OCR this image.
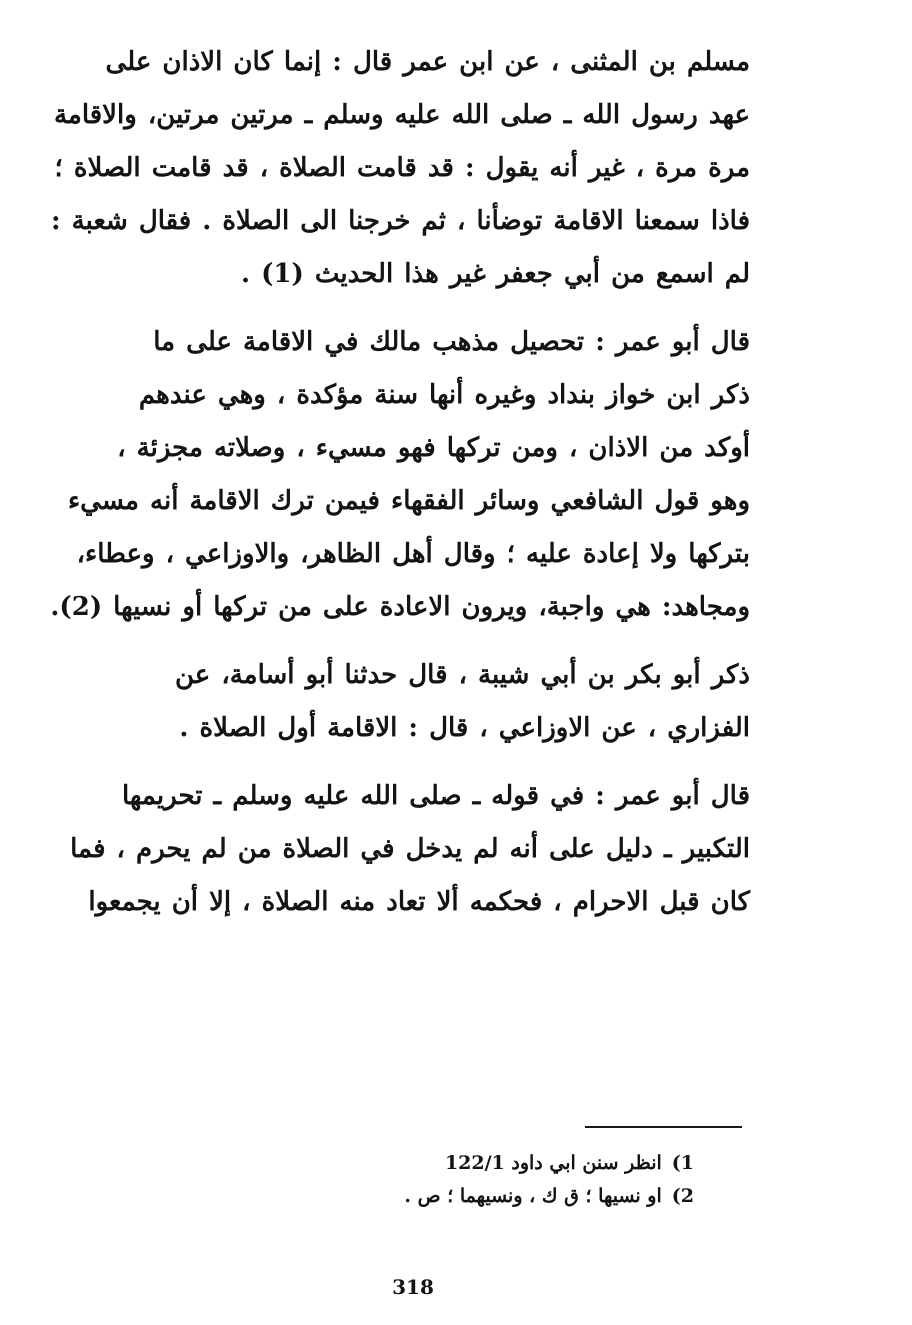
مسلم بن المثنى ، عن ابن عمر قال : إنما كان الاذان على
عهد رسول الله ـ صلى الله عليه وسلم ـ مرتين مرتين، والاقامة
مرة مرة ، غير أنه يقول : قد قامت الصلاة ، قد قامت الصلاة ؛
فاذا سمعنا الاقامة توضأنا ، ثم خرجنا الى الصلاة . فقال شعبة :
لم اسمع من أبي جعفر غير هذا الحديث (1) .

قال أبو عمر : تحصيل مذهب مالك في الاقامة على ما
ذكر ابن خواز بنداد وغيره أنها سنة مؤكدة ، وهي عندهم
أوكد من الاذان ، ومن تركها فهو مسيء ، وصلاته مجزئة ،
وهو قول الشافعي وسائر الفقهاء فيمن ترك الاقامة أنه مسيء
بتركها ولا إعادة عليه ؛ وقال أهل الظاهر، والاوزاعي ، وعطاء،
ومجاهد: هي واجبة، ويرون الاعادة على من تركها أو نسيها (2).

ذكر أبو بكر بن أبي شيبة ، قال حدثنا أبو أسامة، عن
الفزاري ، عن الاوزاعي ، قال : الاقامة أول الصلاة .

قال أبو عمر : في قوله ـ صلى الله عليه وسلم ـ تحريمها
التكبير ـ دليل على أنه لم يدخل في الصلاة من لم يحرم ، فما
كان قبل الاحرام ، فحكمه ألا تعاد منه الصلاة ، إلا أن يجمعوا

1)انظر سنن ابي داود 122/1
2)او نسيها ؛ ق ك ، ونسيهما ؛ ص .
318
